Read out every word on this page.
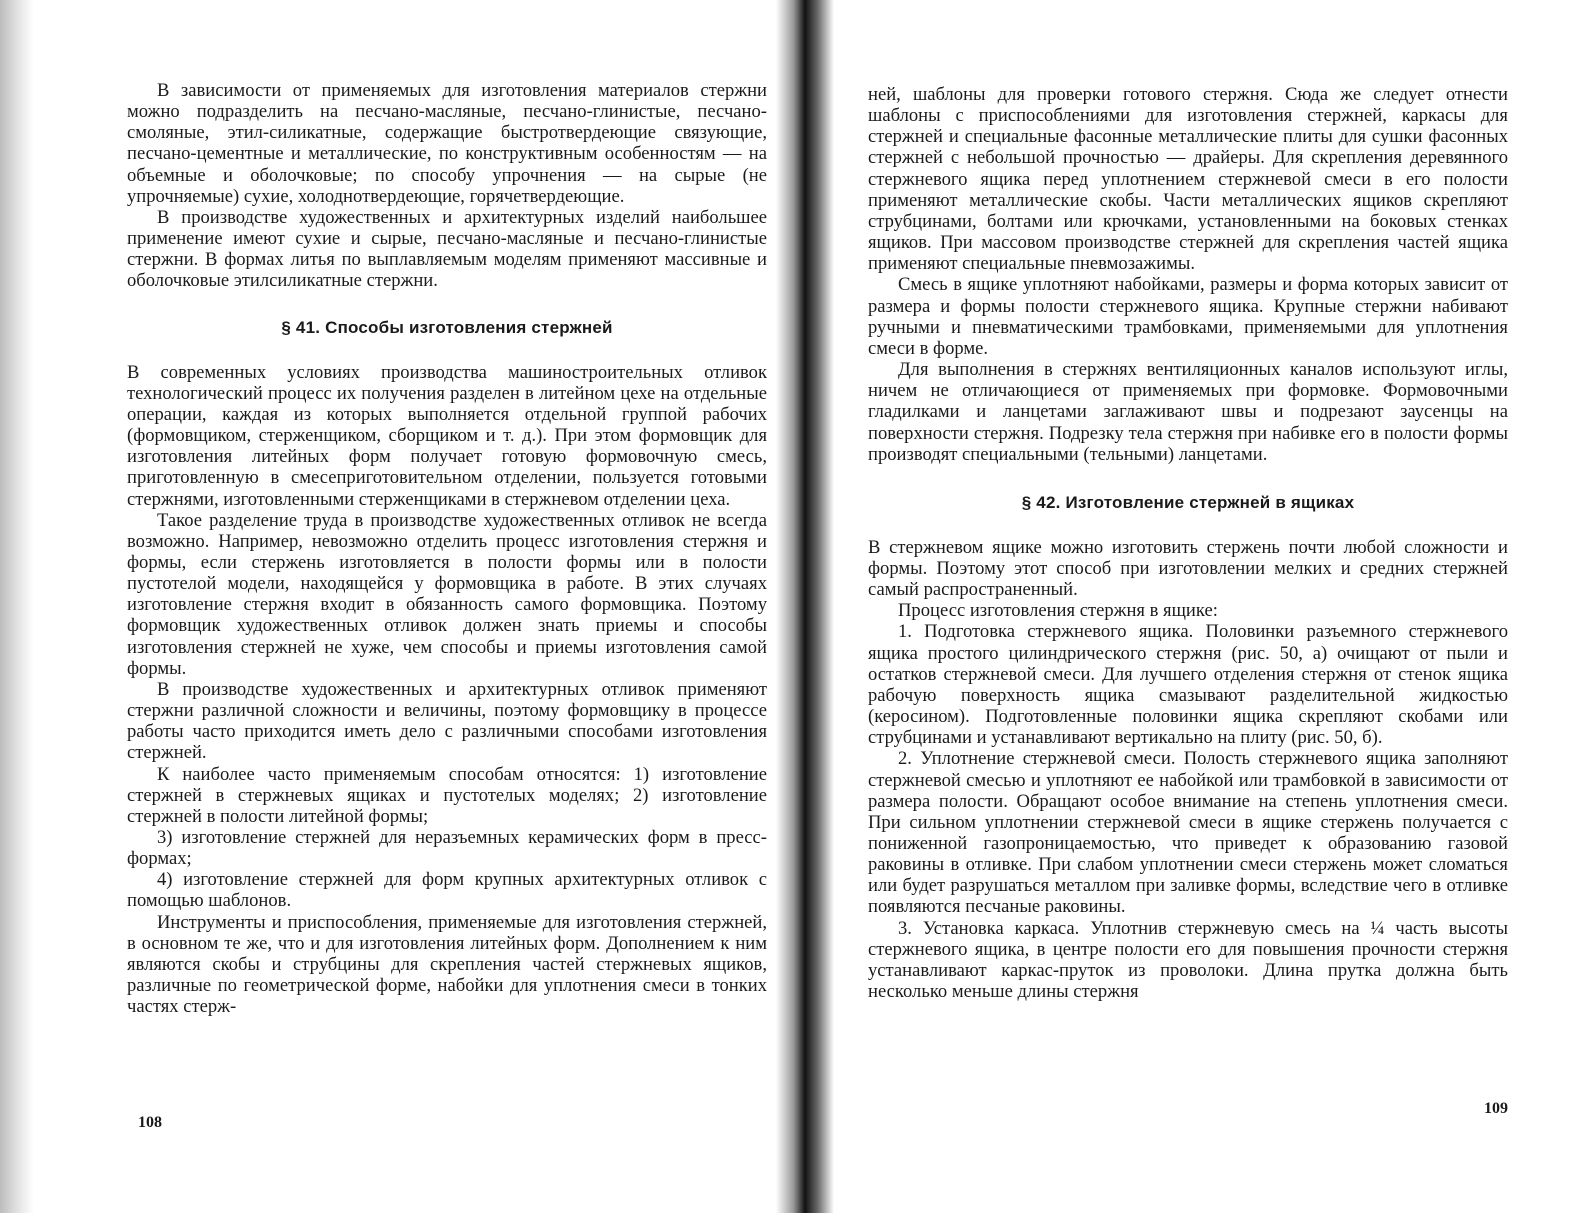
В зависимости от применяемых для изготовления материалов стержни можно подразделить на песчано-масляные, песчано-глинистые, песчано-смоляные, этил-силикатные, содержащие быстротвердеющие связующие, песчано-цементные и металлические, по конструктивным особенностям — на объемные и оболочковые; по способу упрочнения — на сырые (не упрочняемые) сухие, холоднотвердеющие, горячетвердеющие.

В производстве художественных и архитектурных изделий наибольшее применение имеют сухие и сырые, песчано-масляные и песчано-глинистые стержни. В формах литья по выплавляемым моделям применяют массивные и оболочковые этилсиликатные стержни.

§ 41. Способы изготовления стержней

В современных условиях производства машиностроительных отливок технологический процесс их получения разделен в литейном цехе на отдельные операции, каждая из которых выполняется отдельной группой рабочих (формовщиком, стерженщиком, сборщиком и т. д.). При этом формовщик для изготовления литейных форм получает готовую формовочную смесь, приготовленную в смесеприготовительном отделении, пользуется готовыми стержнями, изготовленными стерженщиками в стержневом отделении цеха.

Такое разделение труда в производстве художественных отливок не всегда возможно. Например, невозможно отделить процесс изготовления стержня и формы, если стержень изготовляется в полости формы или в полости пустотелой модели, находящейся у формовщика в работе. В этих случаях изготовление стержня входит в обязанность самого формовщика. Поэтому формовщик художественных отливок должен знать приемы и способы изготовления стержней не хуже, чем способы и приемы изготовления самой формы.

В производстве художественных и архитектурных отливок применяют стержни различной сложности и величины, поэтому формовщику в процессе работы часто приходится иметь дело с различными способами изготовления стержней.

К наиболее часто применяемым способам относятся: 1) изготовление стержней в стержневых ящиках и пустотелых моделях; 2) изготовление стержней в полости литейной формы;

3) изготовление стержней для неразъемных керамических форм в пресс-формах;

4) изготовление стержней для форм крупных архитектурных отливок с помощью шаблонов.

Инструменты и приспособления, применяемые для изготовления стержней, в основном те же, что и для изготовления литейных форм. Дополнением к ним являются скобы и струбцины для скрепления частей стержневых ящиков, различные по геометрической форме, набойки для уплотнения смеси в тонких частях стерж-

108

ней, шаблоны для проверки готового стержня. Сюда же следует отнести шаблоны с приспособлениями для изготовления стержней, каркасы для стержней и специальные фасонные металлические плиты для сушки фасонных стержней с небольшой прочностью — драйеры. Для скрепления деревянного стержневого ящика перед уплотнением стержневой смеси в его полости применяют металлические скобы. Части металлических ящиков скрепляют струбцинами, болтами или крючками, установленными на боковых стенках ящиков. При массовом производстве стержней для скрепления частей ящика применяют специальные пневмозажимы.

Смесь в ящике уплотняют набойками, размеры и форма которых зависит от размера и формы полости стержневого ящика. Крупные стержни набивают ручными и пневматическими трамбовками, применяемыми для уплотнения смеси в форме.

Для выполнения в стержнях вентиляционных каналов используют иглы, ничем не отличающиеся от применяемых при формовке. Формовочными гладилками и ланцетами заглаживают швы и подрезают заусенцы на поверхности стержня. Подрезку тела стержня при набивке его в полости формы производят специальными (тельными) ланцетами.

§ 42. Изготовление стержней в ящиках

В стержневом ящике можно изготовить стержень почти любой сложности и формы. Поэтому этот способ при изготовлении мелких и средних стержней самый распространенный.

Процесс изготовления стержня в ящике:

1. Подготовка стержневого ящика. Половинки разъемного стержневого ящика простого цилиндрического стержня (рис. 50, а) очищают от пыли и остатков стержневой смеси. Для лучшего отделения стержня от стенок ящика рабочую поверхность ящика смазывают разделительной жидкостью (керосином). Подготовленные половинки ящика скрепляют скобами или струбцинами и устанавливают вертикально на плиту (рис. 50, б).

2. Уплотнение стержневой смеси. Полость стержневого ящика заполняют стержневой смесью и уплотняют ее набойкой или трамбовкой в зависимости от размера полости. Обращают особое внимание на степень уплотнения смеси. При сильном уплотнении стержневой смеси в ящике стержень получается с пониженной газопроницаемостью, что приведет к образованию газовой раковины в отливке. При слабом уплотнении смеси стержень может сломаться или будет разрушаться металлом при заливке формы, вследствие чего в отливке появляются песчаные раковины.

3. Установка каркаса. Уплотнив стержневую смесь на ¼ часть высоты стержневого ящика, в центре полости его для повышения прочности стержня устанавливают каркас-пруток из проволоки. Длина прутка должна быть несколько меньше длины стержня

109
